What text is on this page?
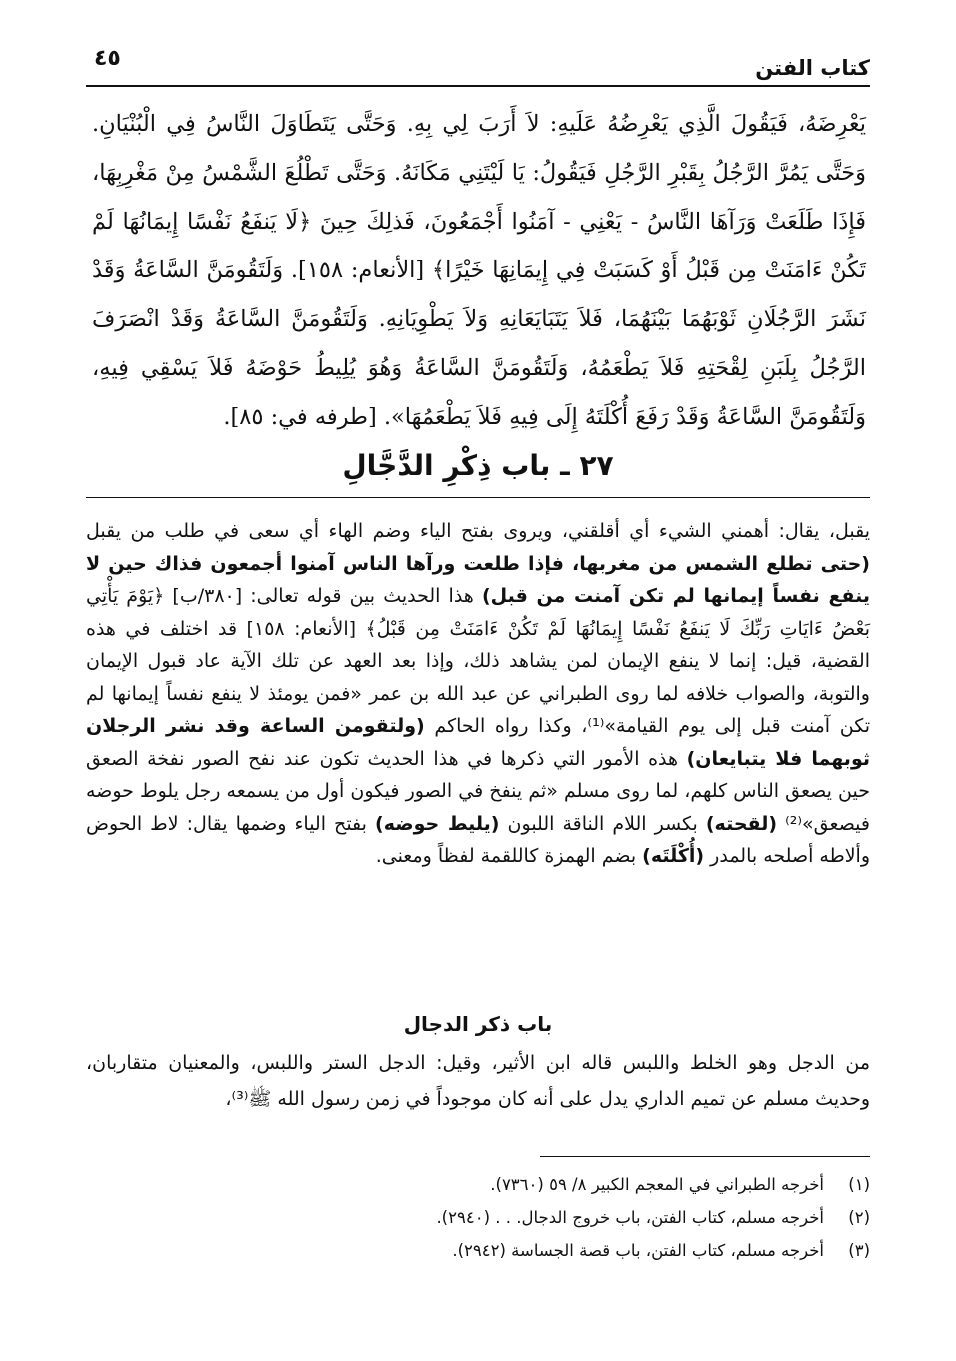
كتاب الفتن
٤٥
يَعْرِضَهُ، فَيَقُولَ الَّذِي يَعْرِضُهُ عَلَيهِ: لاَ أَرَبَ لِي بِهِ. وَحَتَّى يَتَطَاوَلَ النَّاسُ فِي الْبُنْيَانِ. وَحَتَّى يَمُرَّ الرَّجُلُ بِقَبْرِ الرَّجُلِ فَيَقُولُ: يَا لَيْتَنِي مَكَانَهُ. وَحَتَّى تَطْلُعَ الشَّمْسُ مِنْ مَغْرِبِهَا، فَإِذَا طَلَعَتْ وَرَآهَا النَّاسُ - يَعْنِي - آمَنُوا أَجْمَعُونَ، فَذلِكَ حِينَ ﴿لَا يَنفَعُ نَفْسًا إِيمَانُهَا لَمْ تَكُنْ ءَامَنَتْ مِن قَبْلُ أَوْ كَسَبَتْ فِي إِيمَانِهَا خَيْرًا﴾ [الأنعام: ١٥٨]. وَلَتَقُومَنَّ السَّاعَةُ وَقَدْ نَشَرَ الرَّجُلَانِ ثَوْبَهُمَا بَيْنَهُمَا، فَلاَ يَتَبَايَعَانِهِ وَلاَ يَطْوِيَانِهِ. وَلَتَقُومَنَّ السَّاعَةُ وَقَدْ انْصَرَفَ الرَّجُلُ بِلَبَنِ لِقْحَتِهِ فَلاَ يَطْعَمُهُ، وَلَتَقُومَنَّ السَّاعَةُ وَهُوَ يُلِيطُ حَوْضَهُ فَلاَ يَسْقِي فِيهِ، وَلَتَقُومَنَّ السَّاعَةُ وَقَدْ رَفَعَ أُكْلَتَهُ إِلَى فِيهِ فَلاَ يَطْعَمُهَا». [طرفه في: ٨٥].
٢٧ ـ باب ذِكْرِ الدَّجَّالِ
يقبل، يقال: أهمني الشيء أي أقلقني، ويروى بفتح الياء وضم الهاء أي سعى في طلب من يقبل (حتى تطلع الشمس من مغربها، فإذا طلعت ورآها الناس آمنوا أجمعون فذاك حين لا ينفع نفساً إيمانها لم تكن آمنت من قبل) هذا الحديث بين قوله تعالى: [٣٨٠/ب] ﴿يَوْمَ يَأْتِي بَعْضُ ءَايَاتِ رَبِّكَ لَا يَنفَعُ نَفْسًا إِيمَانُهَا لَمْ تَكُنْ ءَامَنَتْ مِن قَبْلُ﴾ [الأنعام: ١٥٨] قد اختلف في هذه القضية، قيل: إنما لا ينفع الإيمان لمن يشاهد ذلك، وإذا بعد العهد عن تلك الآية عاد قبول الإيمان والتوبة، والصواب خلافه لما روى الطبراني عن عبد الله بن عمر «فمن يومئذ لا ينفع نفساً إيمانها لم تكن آمنت قبل إلى يوم القيامة»⁽¹⁾، وكذا رواه الحاكم (ولتقومن الساعة وقد نشر الرجلان ثوبهما فلا يتبايعان) هذه الأمور التي ذكرها في هذا الحديث تكون عند نفح الصور نفخة الصعق حين يصعق الناس كلهم، لما روى مسلم «ثم ينفخ في الصور فيكون أول من يسمعه رجل يلوط حوضه فيصعق»⁽²⁾ (لقحته) بكسر اللام الناقة اللبون (يليط حوضه) بفتح الياء وضمها يقال: لاط الحوض وألاطه أصلحه بالمدر (أُكْلَتَه) بضم الهمزة كاللقمة لفظاً ومعنى.
باب ذكر الدجال
من الدجل وهو الخلط واللبس قاله ابن الأثير، وقيل: الدجل الستر واللبس، والمعنيان متقاربان، وحديث مسلم عن تميم الداري يدل على أنه كان موجوداً في زمن رسول الله ﷺ⁽³⁾،
(١)أخرجه الطبراني في المعجم الكبير ٨/ ٥٩ (٧٣٦٠).
(٢)أخرجه مسلم، كتاب الفتن، باب خروج الدجال. . . (٢٩٤٠).
(٣)أخرجه مسلم، كتاب الفتن، باب قصة الجساسة (٢٩٤٢).
